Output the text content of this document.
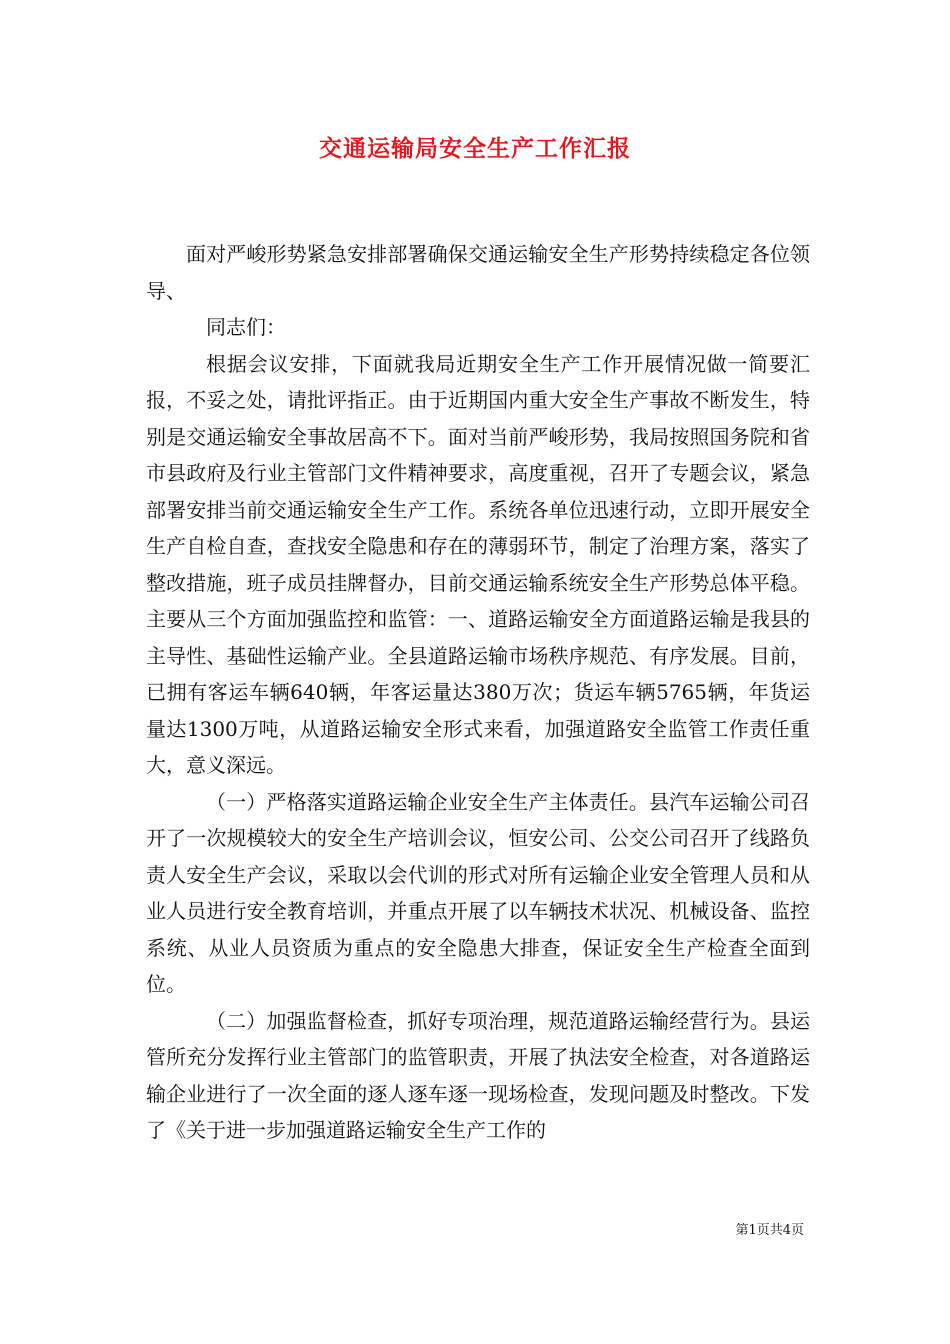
交通运输局安全生产工作汇报

面对严峻形势紧急安排部署确保交通运输安全生产形势持续稳定各位领导、

同志们：

根据会议安排，下面就我局近期安全生产工作开展情况做一简要汇报，不妥之处，请批评指正。由于近期国内重大安全生产事故不断发生，特别是交通运输安全事故居高不下。面对当前严峻形势，我局按照国务院和省市县政府及行业主管部门文件精神要求，高度重视，召开了专题会议，紧急部署安排当前交通运输安全生产工作。系统各单位迅速行动，立即开展安全生产自检自查，查找安全隐患和存在的薄弱环节，制定了治理方案，落实了整改措施，班子成员挂牌督办，目前交通运输系统安全生产形势总体平稳。主要从三个方面加强监控和监管：一、道路运输安全方面道路运输是我县的主导性、基础性运输产业。全县道路运输市场秩序规范、有序发展。目前，已拥有客运车辆640辆，年客运量达380万次；货运车辆5765辆，年货运量达1300万吨，从道路运输安全形式来看，加强道路安全监管工作责任重大，意义深远。

（一）严格落实道路运输企业安全生产主体责任。县汽车运输公司召开了一次规模较大的安全生产培训会议，恒安公司、公交公司召开了线路负责人安全生产会议，采取以会代训的形式对所有运输企业安全管理人员和从业人员进行安全教育培训，并重点开展了以车辆技术状况、机械设备、监控系统、从业人员资质为重点的安全隐患大排查，保证安全生产检查全面到位。

（二）加强监督检查，抓好专项治理，规范道路运输经营行为。县运管所充分发挥行业主管部门的监管职责，开展了执法安全检查，对各道路运输企业进行了一次全面的逐人逐车逐一现场检查，发现问题及时整改。下发了《关于进一步加强道路运输安全生产工作的

第1页共4页
